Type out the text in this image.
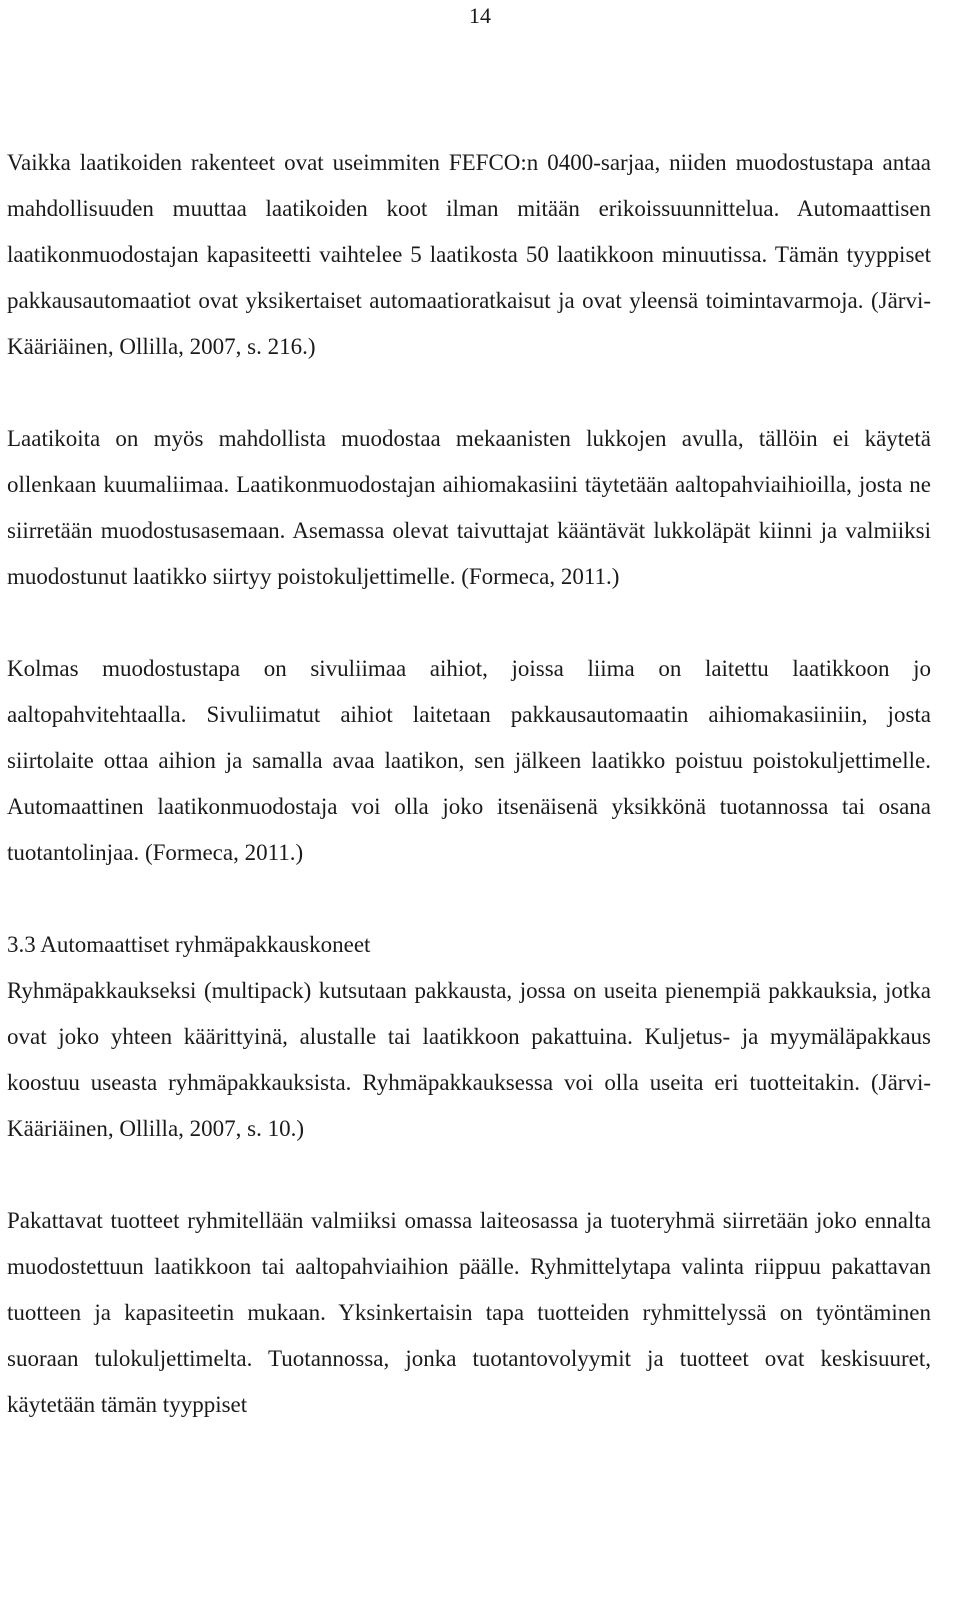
14

Vaikka laatikoiden rakenteet ovat useimmiten FEFCO:n 0400-sarjaa, niiden muodostustapa antaa mahdollisuuden muuttaa laatikoiden koot ilman mitään erikoissuunnittelua. Automaattisen laatikonmuodostajan kapasiteetti vaihtelee 5 laatikosta 50 laatikkoon minuutissa. Tämän tyyppiset pakkausautomaatiot ovat yksikertaiset automaatioratkaisut ja ovat yleensä toimintavarmoja. (Järvi-Kääriäinen, Ollilla, 2007, s. 216.)

Laatikoita on myös mahdollista muodostaa mekaanisten lukkojen avulla, tällöin ei käytetä ollenkaan kuumaliimaa. Laatikonmuodostajan aihiomakasiini täytetään aaltopahviaihioilla, josta ne siirretään muodostusasemaan. Asemassa olevat taivuttajat kääntävät lukkoläpät kiinni ja valmiiksi muodostunut laatikko siirtyy poistokuljettimelle. (Formeca, 2011.)

Kolmas muodostustapa on sivuliimaa aihiot, joissa liima on laitettu laatikkoon jo aaltopahvitehtaalla. Sivuliimatut aihiot laitetaan pakkausautomaatin aihiomakasiiniin, josta siirtolaite ottaa aihion ja samalla avaa laatikon, sen jälkeen laatikko poistuu poistokuljettimelle. Automaattinen laatikonmuodostaja voi olla joko itsenäisenä yksikkönä tuotannossa tai osana tuotantolinjaa. (Formeca, 2011.)

3.3 Automaattiset ryhmäpakkauskoneet

Ryhmäpakkaukseksi (multipack) kutsutaan pakkausta, jossa on useita pienempiä pakkauksia, jotka ovat joko yhteen käärittyinä, alustalle tai laatikkoon pakattuina. Kuljetus- ja myymäläpakkaus koostuu useasta ryhmäpakkauksista. Ryhmäpakkauksessa voi olla useita eri tuotteitakin. (Järvi-Kääriäinen, Ollilla, 2007, s. 10.)

Pakattavat tuotteet ryhmitellään valmiiksi omassa laiteosassa ja tuoteryhmä siirretään joko ennalta muodostettuun laatikkoon tai aaltopahviaihion päälle. Ryhmittelytapa valinta riippuu pakattavan tuotteen ja kapasiteetin mukaan. Yksinkertaisin tapa tuotteiden ryhmittelyssä on työntäminen suoraan tulokuljettimelta. Tuotannossa, jonka tuotantovolyymit ja tuotteet ovat keskisuuret, käytetään tämän tyyppiset
